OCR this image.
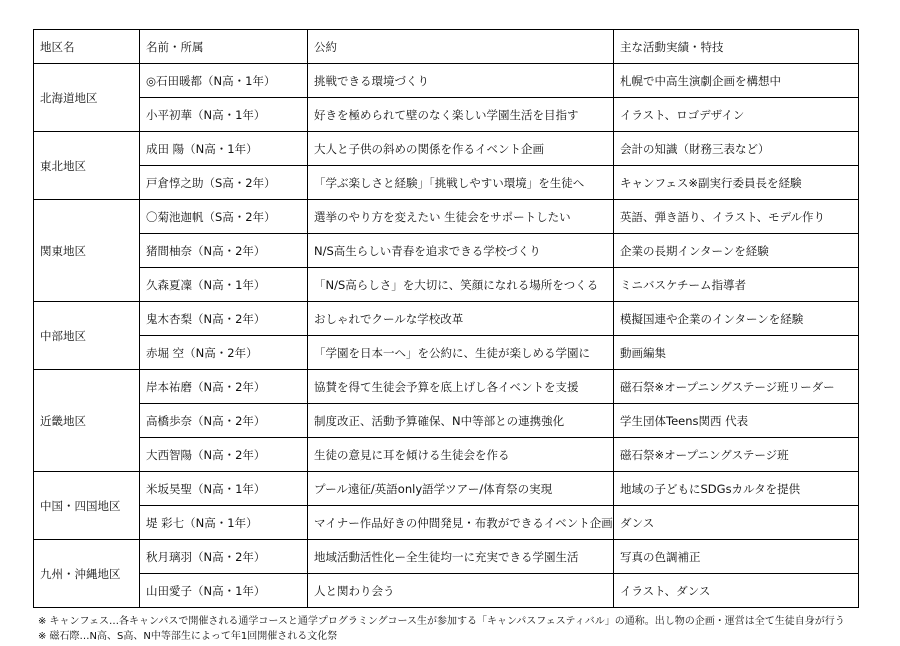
地区名	名前・所属	公約	主な活動実績・特技
北海道地区	◎石田暖都（N高・1年）	挑戦できる環境づくり	札幌で中高生演劇企画を構想中
	小平初華（N高・1年）	好きを極められて壁のなく楽しい学園生活を目指す	イラスト、ロゴデザイン
東北地区	成田 陽（N高・1年）	大人と子供の斜めの関係を作るイベント企画	会計の知識（財務三表など）
	戸倉惇之助（S高・2年）	「学ぶ楽しさと経験」「挑戦しやすい環境」を生徒へ	キャンフェス※副実行委員長を経験
関東地区	〇菊池迦帆（S高・2年）	選挙のやり方を変えたい 生徒会をサポートしたい	英語、弾き語り、イラスト、モデル作り
	猪間柚奈（N高・2年）	N/S高生らしい青春を追求できる学校づくり	企業の長期インターンを経験
	久森夏凜（N高・1年）	「N/S高らしさ」を大切に、笑顔になれる場所をつくる	ミニバスケチーム指導者
中部地区	鬼木杏梨（N高・2年）	おしゃれでクールな学校改革	模擬国連や企業のインターンを経験
	赤堀 空（N高・2年）	「学園を日本一へ」を公約に、生徒が楽しめる学園に	動画編集
近畿地区	岸本祐磨（N高・2年）	協賛を得て生徒会予算を底上げし各イベントを支援	磁石祭※オープニングステージ班リーダー
	高橋歩奈（N高・2年）	制度改正、活動予算確保、N中等部との連携強化	学生団体Teens関西 代表
	大西智陽（N高・2年）	生徒の意見に耳を傾ける生徒会を作る	磁石祭※オープニングステージ班
中国・四国地区	米坂昊聖（N高・1年）	プール遠征/英語only語学ツアー/体育祭の実現	地域の子どもにSDGsカルタを提供
	堤 彩七（N高・1年）	マイナー作品好きの仲間発見・布教ができるイベント企画	ダンス
九州・沖縄地区	秋月璃羽（N高・2年）	地域活動活性化ー全生徒均一に充実できる学園生活	写真の色調補正
	山田愛子（N高・1年）	人と関わり会う	イラスト、ダンス
※ キャンフェス…各キャンパスで開催される通学コースと通学プログラミングコース生が参加する「キャンパスフェスティバル」の通称。出し物の企画・運営は全て生徒自身が行う
※ 磁石際…N高、S高、N中等部生によって年1回開催される文化祭
